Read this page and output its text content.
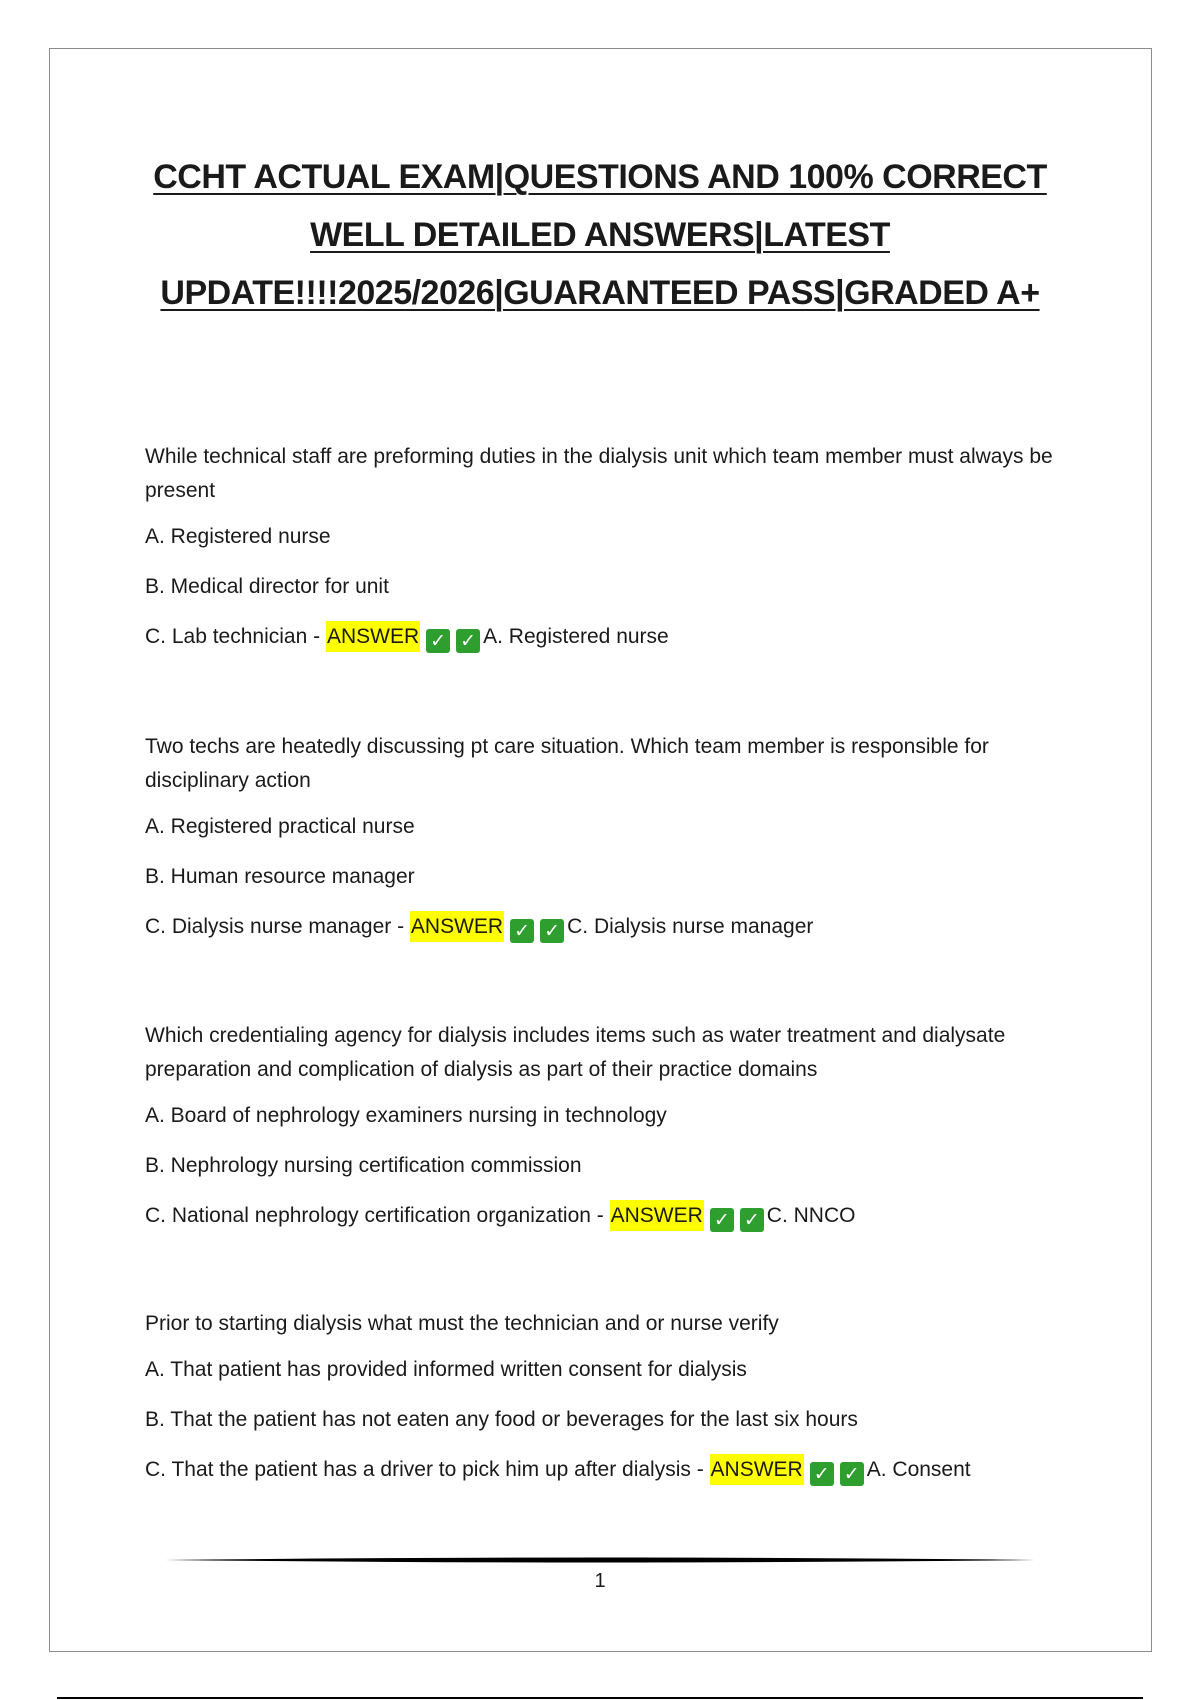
CCHT ACTUAL EXAM|QUESTIONS AND 100% CORRECT WELL DETAILED ANSWERS|LATEST UPDATE!!!!2025/2026|GUARANTEED PASS|GRADED A+

While technical staff are preforming duties in the dialysis unit which team member must always be present

A. Registered nurse

B. Medical director for unit

C. Lab technician - ANSWER ✓ ✓ A. Registered nurse

Two techs are heatedly discussing pt care situation. Which team member is responsible for disciplinary action

A. Registered practical nurse

B. Human resource manager

C. Dialysis nurse manager - ANSWER ✓ ✓ C. Dialysis nurse manager

Which credentialing agency for dialysis includes items such as water treatment and dialysate preparation and complication of dialysis as part of their practice domains

A. Board of nephrology examiners nursing in technology

B. Nephrology nursing certification commission

C. National nephrology certification organization - ANSWER ✓ ✓ C. NNCO

Prior to starting dialysis what must the technician and or nurse verify

A. That patient has provided informed written consent for dialysis

B. That the patient has not eaten any food or beverages for the last six hours

C. That the patient has a driver to pick him up after dialysis - ANSWER ✓ ✓ A. Consent

1
